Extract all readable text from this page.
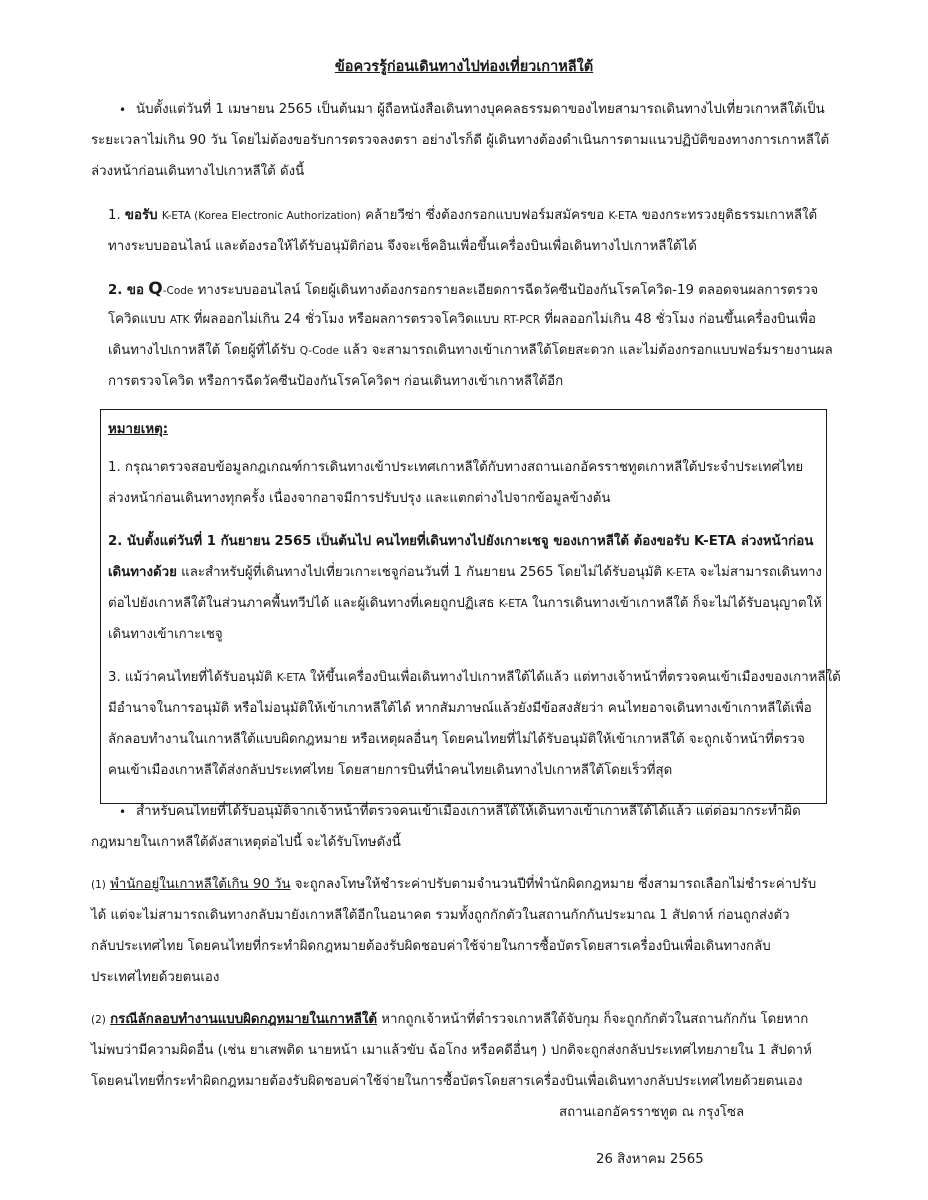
ข้อควรรู้ก่อนเดินทางไปท่องเที่ยวเกาหลีใต้
• นับตั้งแต่วันที่ 1 เมษายน 2565 เป็นต้นมา ผู้ถือหนังสือเดินทางบุคคลธรรมดาของไทยสามารถเดินทางไปเที่ยวเกาหลีใต้เป็น

ระยะเวลาไม่เกิน 90 วัน โดยไม่ต้องขอรับการตรวจลงตรา อย่างไรก็ดี ผู้เดินทางต้องดำเนินการตามแนวปฏิบัติของทางการเกาหลีใต้

ล่วงหน้าก่อนเดินทางไปเกาหลีใต้ ดังนี้

1. ขอรับ K-ETA (Korea Electronic Authorization) คล้ายวีซ่า ซึ่งต้องกรอกแบบฟอร์มสมัครขอ K-ETA ของกระทรวงยุติธรรมเกาหลีใต้

ทางระบบออนไลน์ และต้องรอให้ได้รับอนุมัติก่อน จึงจะเช็คอินเพื่อขึ้นเครื่องบินเพื่อเดินทางไปเกาหลีใต้ได้

2. ขอ Q-Code ทางระบบออนไลน์ โดยผู้เดินทางต้องกรอกรายละเอียดการฉีดวัคซีนป้องกันโรคโควิด-19 ตลอดจนผลการตรวจ

โควิดแบบ ATK ที่ผลออกไม่เกิน 24 ชั่วโมง หรือผลการตรวจโควิดแบบ RT-PCR ที่ผลออกไม่เกิน 48 ชั่วโมง ก่อนขึ้นเครื่องบินเพื่อ

เดินทางไปเกาหลีใต้ โดยผู้ที่ได้รับ Q-Code แล้ว จะสามารถเดินทางเข้าเกาหลีใต้โดยสะดวก และไม่ต้องกรอกแบบฟอร์มรายงานผล

การตรวจโควิด หรือการฉีดวัคซีนป้องกันโรคโควิดฯ ก่อนเดินทางเข้าเกาหลีใต้อีก

หมายเหตุ:

1. กรุณาตรวจสอบข้อมูลกฎเกณฑ์การเดินทางเข้าประเทศเกาหลีใต้กับทางสถานเอกอัครราชทูตเกาหลีใต้ประจำประเทศไทย

ล่วงหน้าก่อนเดินทางทุกครั้ง เนื่องจากอาจมีการปรับปรุง และแตกต่างไปจากข้อมูลข้างต้น

2. นับตั้งแต่วันที่ 1 กันยายน 2565 เป็นต้นไป คนไทยที่เดินทางไปยังเกาะเชจู ของเกาหลีใต้ ต้องขอรับ K-ETA ล่วงหน้าก่อน

เดินทางด้วย และสำหรับผู้ที่เดินทางไปเที่ยวเกาะเชจูก่อนวันที่ 1 กันยายน 2565 โดยไม่ได้รับอนุมัติ K-ETA จะไม่สามารถเดินทาง

ต่อไปยังเกาหลีใต้ในส่วนภาคพื้นทวีปได้ และผู้เดินทางที่เคยถูกปฏิเสธ K-ETA ในการเดินทางเข้าเกาหลีใต้ ก็จะไม่ได้รับอนุญาตให้

เดินทางเข้าเกาะเชจู

3. แม้ว่าคนไทยที่ได้รับอนุมัติ K-ETA ให้ขึ้นเครื่องบินเพื่อเดินทางไปเกาหลีใต้ได้แล้ว แต่ทางเจ้าหน้าที่ตรวจคนเข้าเมืองของเกาหลีใต้

มีอำนาจในการอนุมัติ หรือไม่อนุมัติให้เข้าเกาหลีใต้ได้ หากสัมภาษณ์แล้วยังมีข้อสงสัยว่า คนไทยอาจเดินทางเข้าเกาหลีใต้เพื่อ

ลักลอบทำงานในเกาหลีใต้แบบผิดกฎหมาย หรือเหตุผลอื่นๆ โดยคนไทยที่ไม่ได้รับอนุมัติให้เข้าเกาหลีใต้ จะถูกเจ้าหน้าที่ตรวจ

คนเข้าเมืองเกาหลีใต้ส่งกลับประเทศไทย โดยสายการบินที่นำคนไทยเดินทางไปเกาหลีใต้โดยเร็วที่สุด

• สำหรับคนไทยที่ได้รับอนุมัติจากเจ้าหน้าที่ตรวจคนเข้าเมืองเกาหลีใต้ให้เดินทางเข้าเกาหลีใต้ได้แล้ว แต่ต่อมากระทำผิด

กฎหมายในเกาหลีใต้ดังสาเหตุต่อไปนี้ จะได้รับโทษดังนี้

(1) พำนักอยู่ในเกาหลีใต้เกิน 90 วัน จะถูกลงโทษให้ชำระค่าปรับตามจำนวนปีที่พำนักผิดกฎหมาย ซึ่งสามารถเลือกไม่ชำระค่าปรับ

ได้ แต่จะไม่สามารถเดินทางกลับมายังเกาหลีใต้อีกในอนาคต รวมทั้งถูกกักตัวในสถานกักกันประมาณ 1 สัปดาห์ ก่อนถูกส่งตัว

กลับประเทศไทย โดยคนไทยที่กระทำผิดกฎหมายต้องรับผิดชอบค่าใช้จ่ายในการซื้อบัตรโดยสารเครื่องบินเพื่อเดินทางกลับ

ประเทศไทยด้วยตนเอง

(2) กรณีลักลอบทำงานแบบผิดกฎหมายในเกาหลีใต้ หากถูกเจ้าหน้าที่ตำรวจเกาหลีใต้จับกุม ก็จะถูกกักตัวในสถานกักกัน โดยหาก

ไม่พบว่ามีความผิดอื่น (เช่น ยาเสพติด นายหน้า เมาแล้วขับ ฉ้อโกง หรือคดีอื่นๆ ) ปกติจะถูกส่งกลับประเทศไทยภายใน 1 สัปดาห์

โดยคนไทยที่กระทำผิดกฎหมายต้องรับผิดชอบค่าใช้จ่ายในการซื้อบัตรโดยสารเครื่องบินเพื่อเดินทางกลับประเทศไทยด้วยตนเอง

สถานเอกอัครราชทูต ณ กรุงโซล
26 สิงหาคม 2565
